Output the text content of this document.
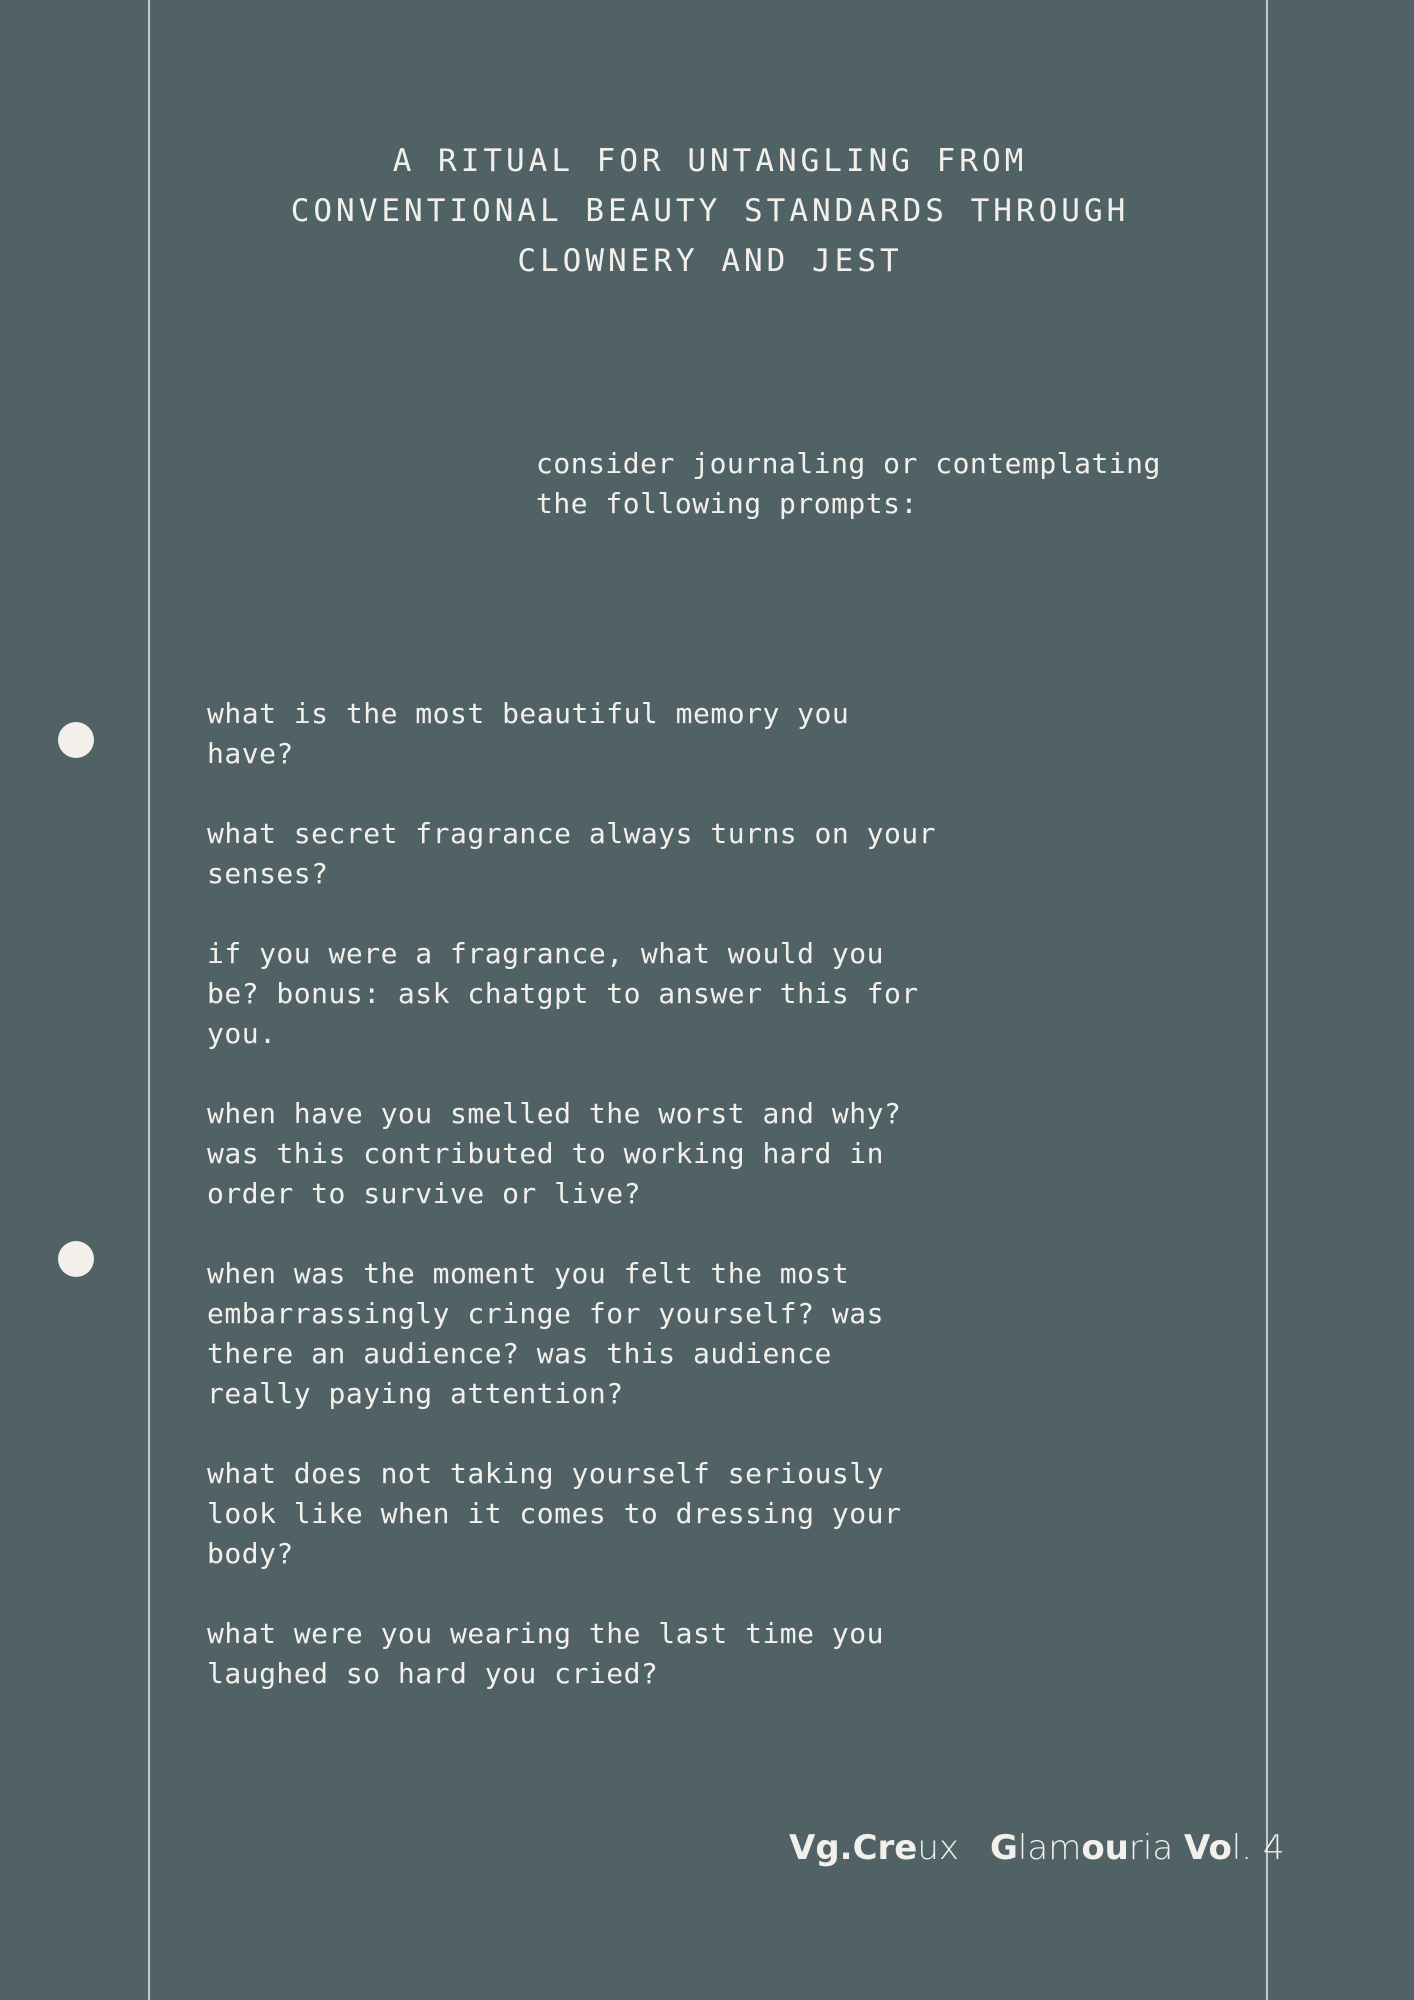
A RITUAL FOR UNTANGLING FROM
CONVENTIONAL BEAUTY STANDARDS THROUGH
CLOWNERY AND JEST
consider journaling or contemplating
the following prompts:
what is the most beautiful memory you
have?
what secret fragrance always turns on your
senses?
if you were a fragrance, what would you
be? bonus: ask chatgpt to answer this for
you.
when have you smelled the worst and why?
was this contributed to working hard in
order to survive or live?
when was the moment you felt the most
embarrassingly cringe for yourself? was
there an audience? was this audience
really paying attention?
what does not taking yourself seriously
look like when it comes to dressing your
body?
what were you wearing the last time you
laughed so hard you cried?
Vg.Creux Glamouria Vol. 4
